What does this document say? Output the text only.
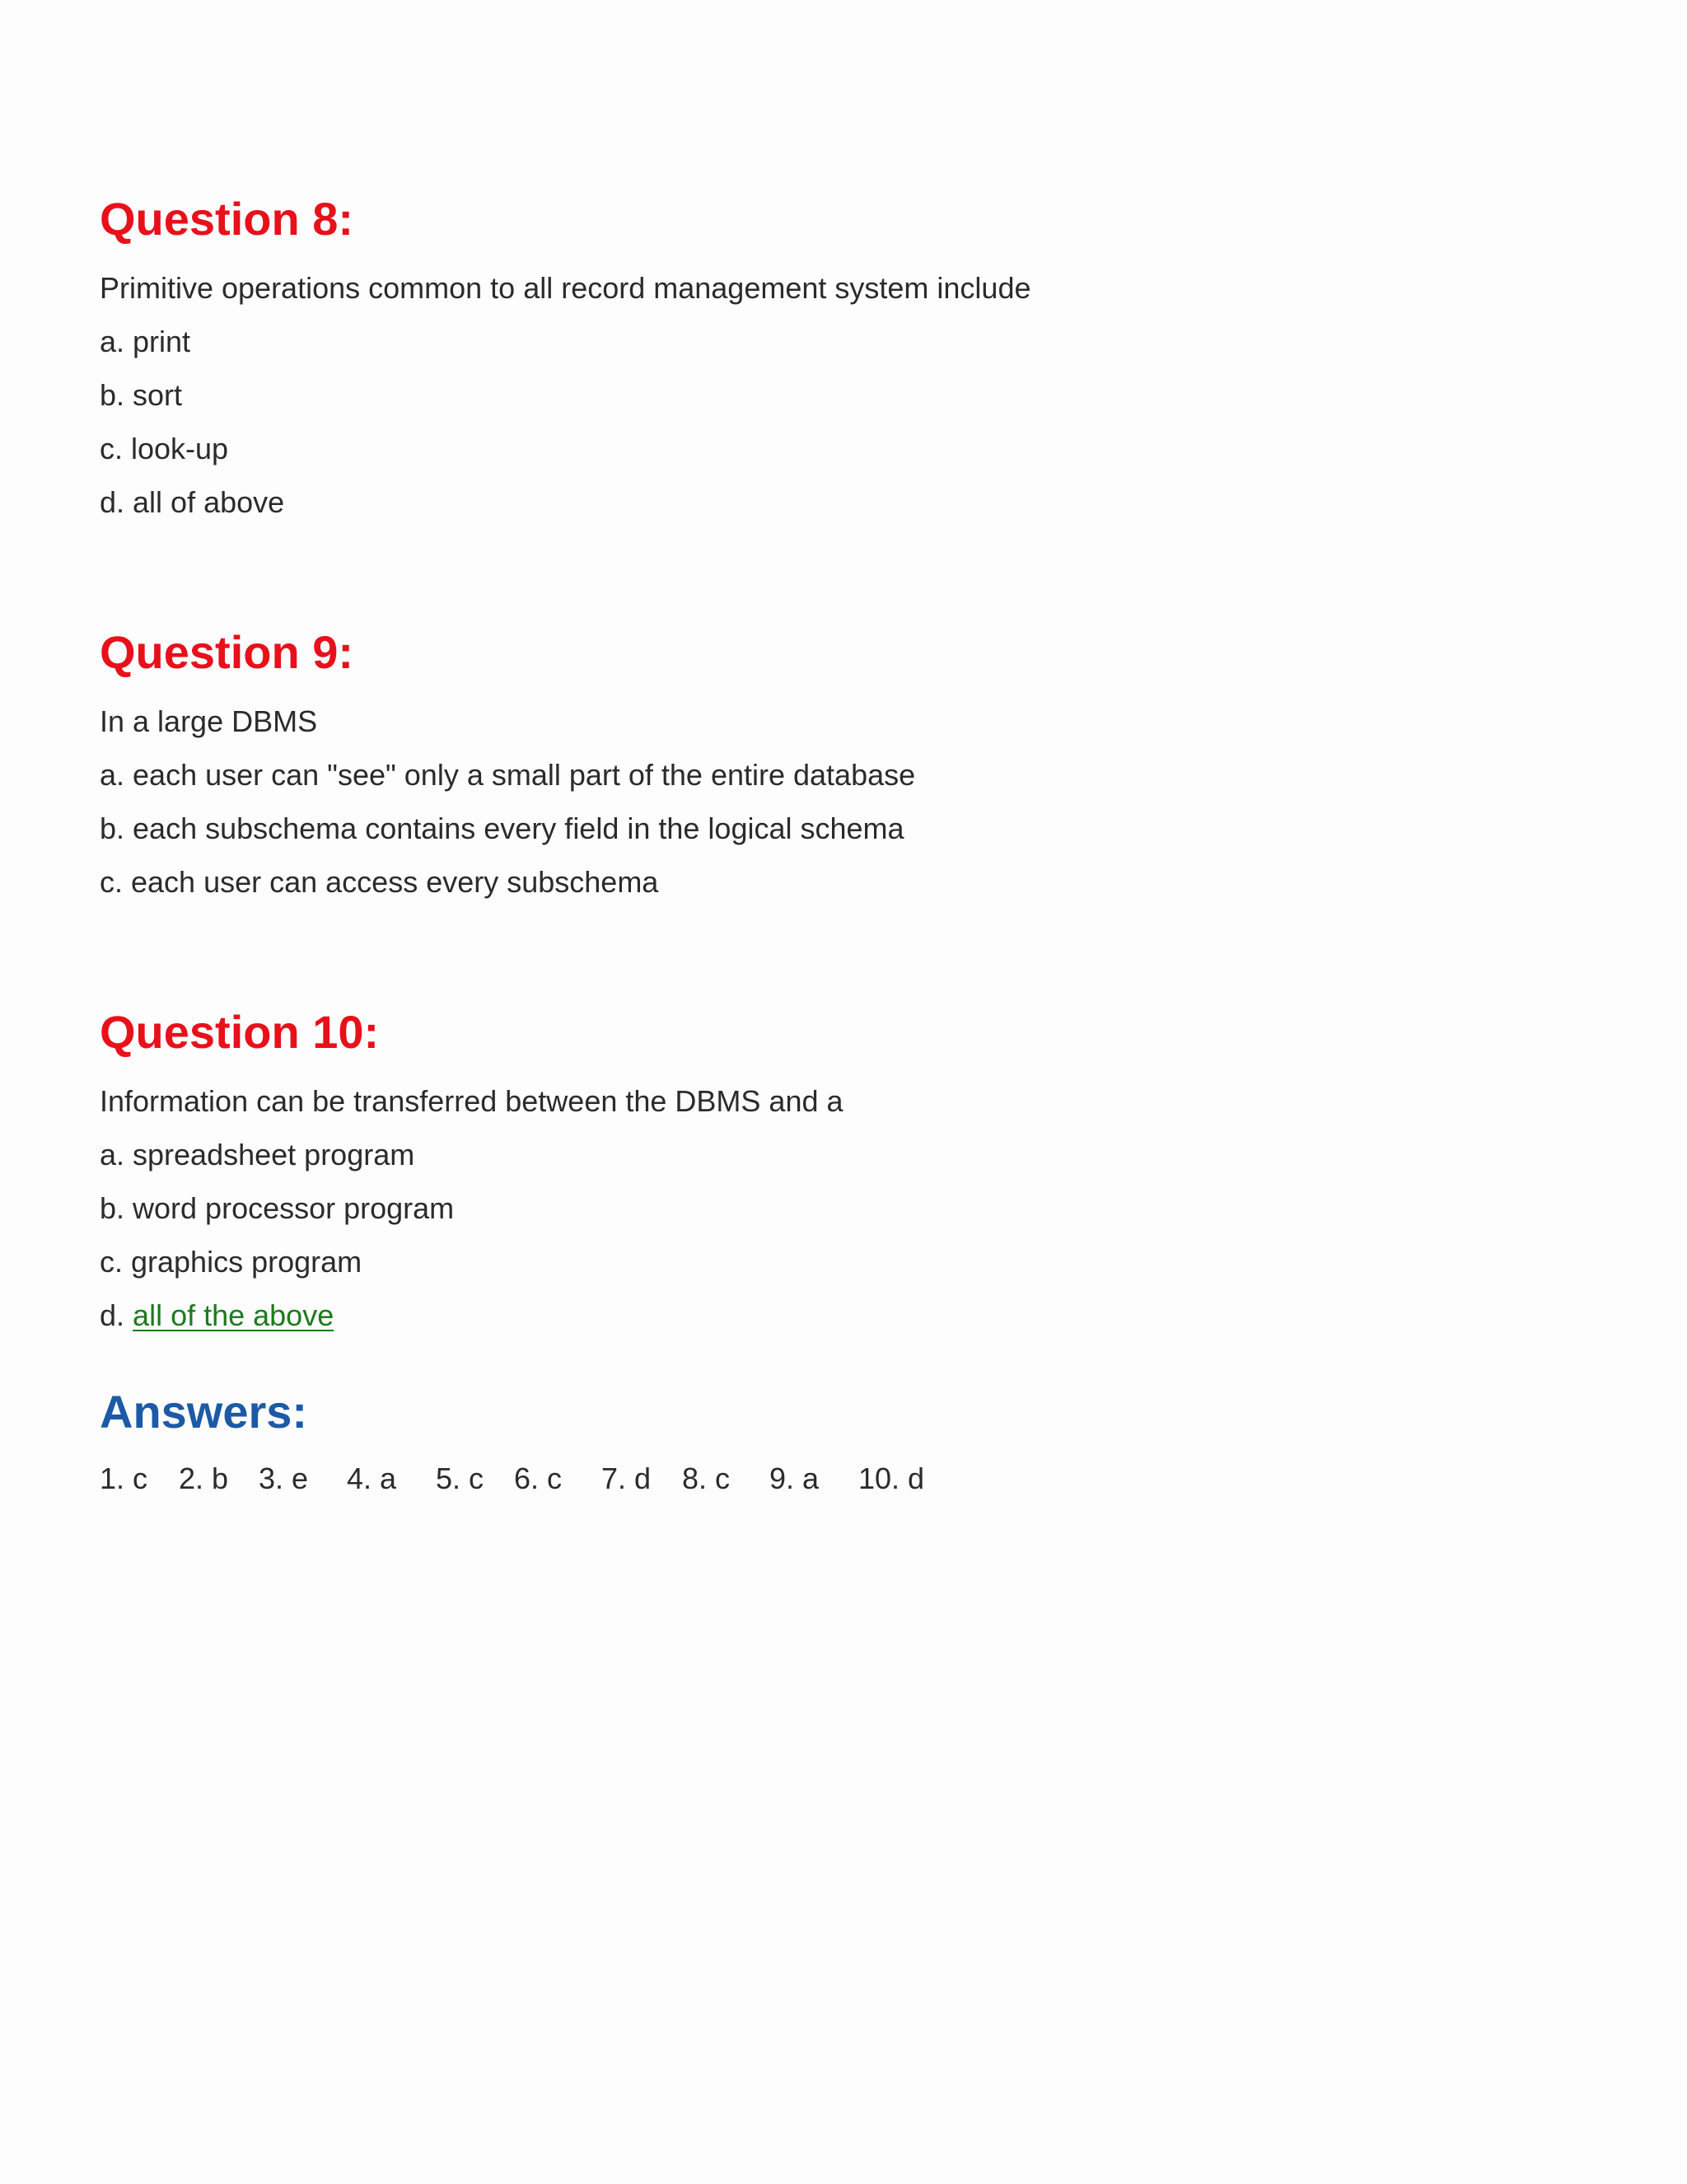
Question 8:

Primitive operations common to all record management system include

a. print

b. sort

c. look-up

d. all of above

Question 9:

In a large DBMS

a. each user can "see" only a small part of the entire database

b. each subschema contains every field in the logical schema

c. each user can access every subschema

Question 10:

Information can be transferred between the DBMS and a

a. spreadsheet program

b. word processor program

c. graphics program

d. all of the above

Answers:
1. c 2. b 3. e 4. a 5. c 6. c 7. d 8. c 9. a 10. d
